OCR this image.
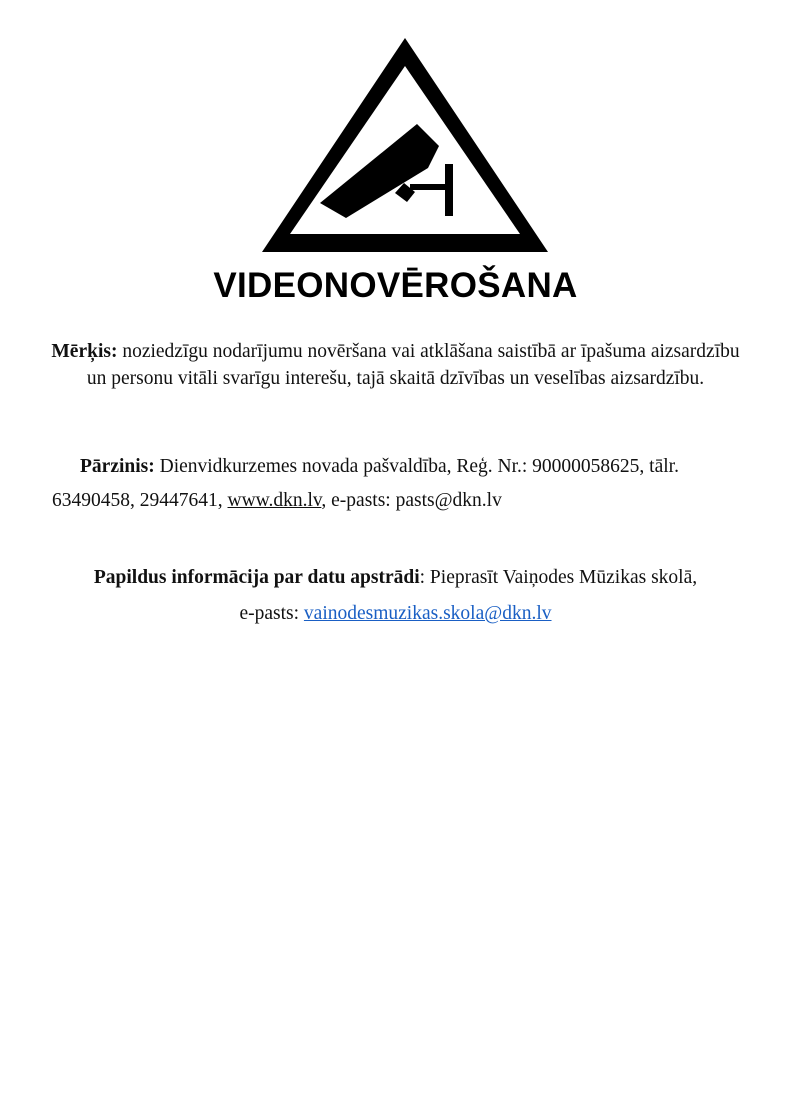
VIDEONOVĒROŠANA
Mērķis: noziedzīgu nodarījumu novēršana vai atklāšana saistībā ar īpašuma aizsardzību un personu vitāli svarīgu interešu, tajā skaitā dzīvības un veselības aizsardzību.
Pārzinis: Dienvidkurzemes novada pašvaldība, Reģ. Nr.: 90000058625, tālr.
63490458, 29447641, www.dkn.lv, e-pasts: pasts@dkn.lv
Papildus informācija par datu apstrādi: Pieprasīt Vaiņodes Mūzikas skolā,
e-pasts: vainodesmuzikas.skola@dkn.lv
